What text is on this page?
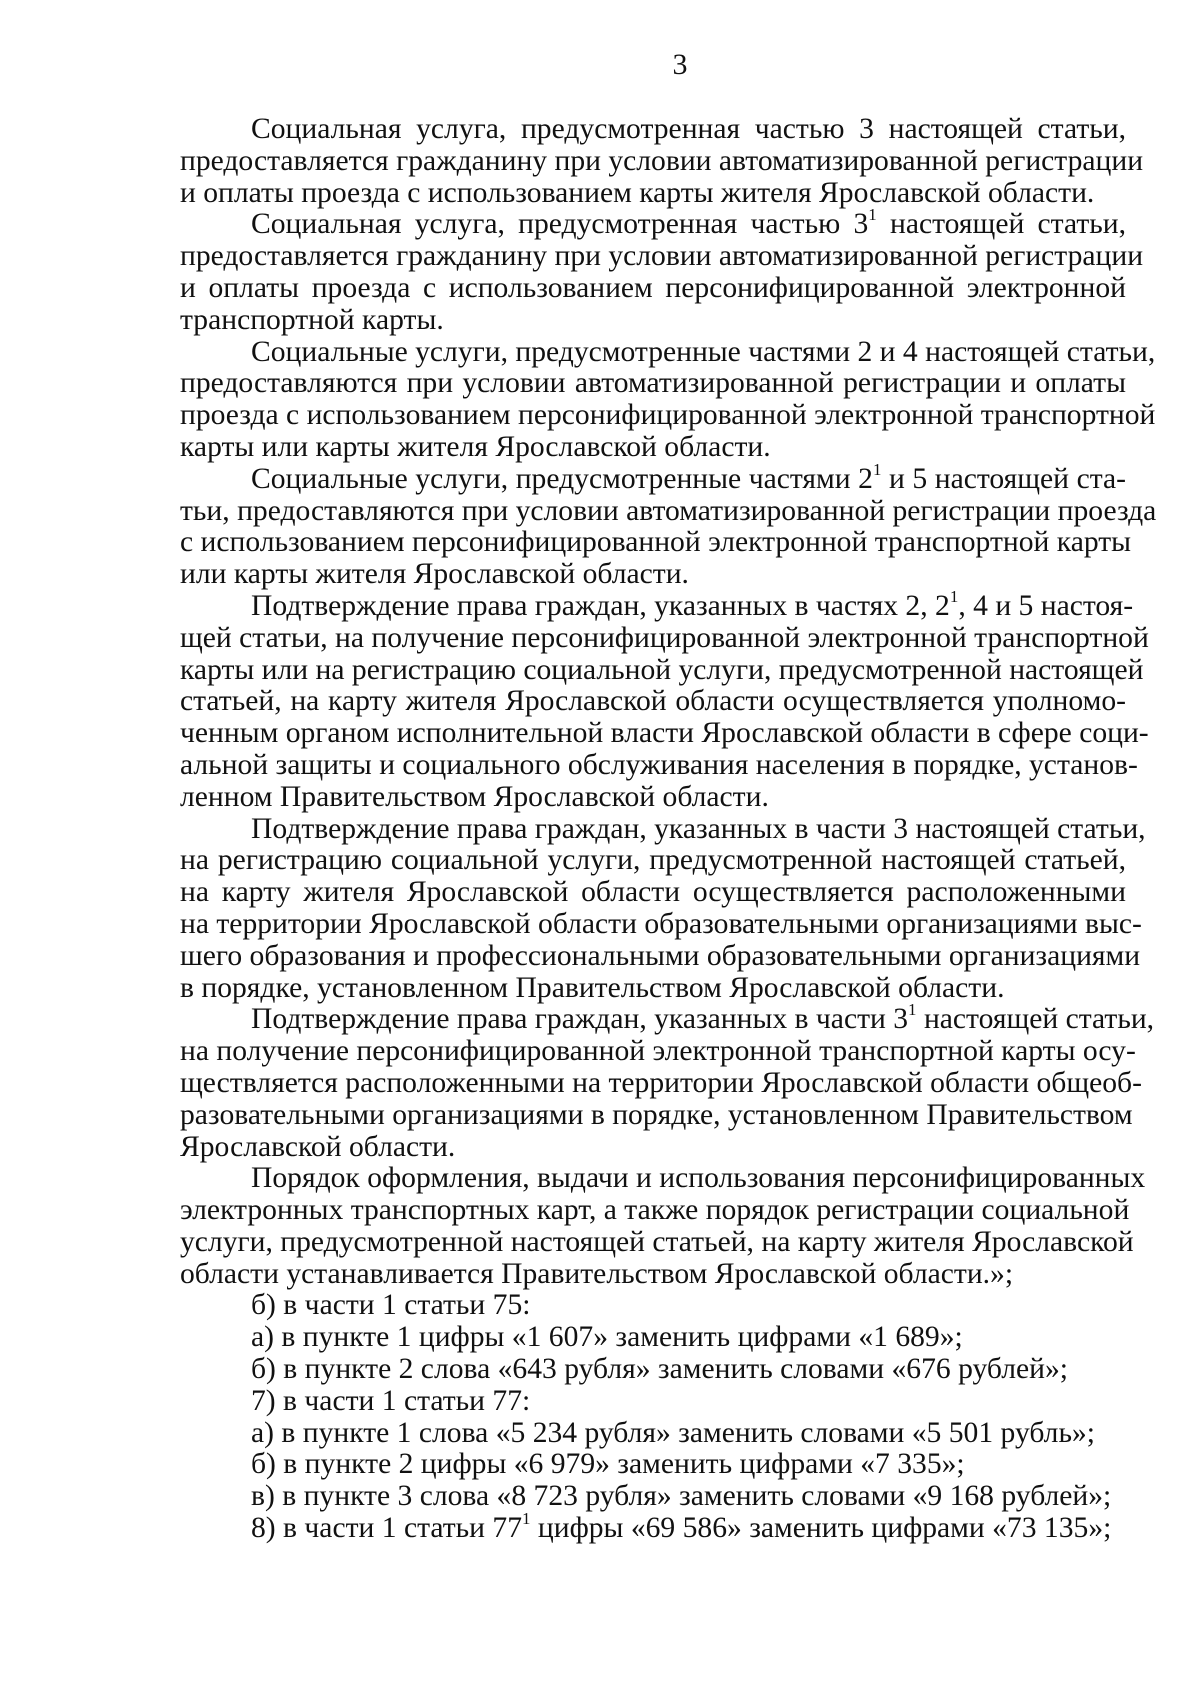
3
Социальная услуга, предусмотренная частью 3 настоящей статьи,
предоставляется гражданину при условии автоматизированной регистрации
и оплаты проезда с использованием карты жителя Ярославской области.
Социальная услуга, предусмотренная частью $3^1$ настоящей статьи,
предоставляется гражданину при условии автоматизированной регистрации
и оплаты проезда с использованием персонифицированной электронной
транспортной карты.
Социальные услуги, предусмотренные частями 2 и 4 настоящей статьи,
предоставляются при условии автоматизированной регистрации и оплаты
проезда с использованием персонифицированной электронной транспортной
карты или карты жителя Ярославской области.
Социальные услуги, предусмотренные частями $2^1$ и 5 настоящей ста-
тьи, предоставляются при условии автоматизированной регистрации проезда
с использованием персонифицированной электронной транспортной карты
или карты жителя Ярославской области.
Подтверждение права граждан, указанных в частях 2, $2^1$, 4 и 5 настоя-
щей статьи, на получение персонифицированной электронной транспортной
карты или на регистрацию социальной услуги, предусмотренной настоящей
статьей, на карту жителя Ярославской области осуществляется уполномо-
ченным органом исполнительной власти Ярославской области в сфере соци-
альной защиты и социального обслуживания населения в порядке, установ-
ленном Правительством Ярославской области.
Подтверждение права граждан, указанных в части 3 настоящей статьи,
на регистрацию социальной услуги, предусмотренной настоящей статьей,
на карту жителя Ярославской области осуществляется расположенными
на территории Ярославской области образовательными организациями выс-
шего образования и профессиональными образовательными организациями
в порядке, установленном Правительством Ярославской области.
Подтверждение права граждан, указанных в части $3^1$ настоящей статьи,
на получение персонифицированной электронной транспортной карты осу-
ществляется расположенными на территории Ярославской области общеоб-
разовательными организациями в порядке, установленном Правительством
Ярославской области.
Порядок оформления, выдачи и использования персонифицированных
электронных транспортных карт, а также порядок регистрации социальной
услуги, предусмотренной настоящей статьей, на карту жителя Ярославской
области устанавливается Правительством Ярославской области.»;
б) в части 1 статьи 75:
а) в пункте 1 цифры «1 607» заменить цифрами «1 689»;
б) в пункте 2 слова «643 рубля» заменить словами «676 рублей»;
7) в части 1 статьи 77:
а) в пункте 1 слова «5 234 рубля» заменить словами «5 501 рубль»;
б) в пункте 2 цифры «6 979» заменить цифрами «7 335»;
в) в пункте 3 слова «8 723 рубля» заменить словами «9 168 рублей»;
8) в части 1 статьи $77^1$ цифры «69 586» заменить цифрами «73 135»;
